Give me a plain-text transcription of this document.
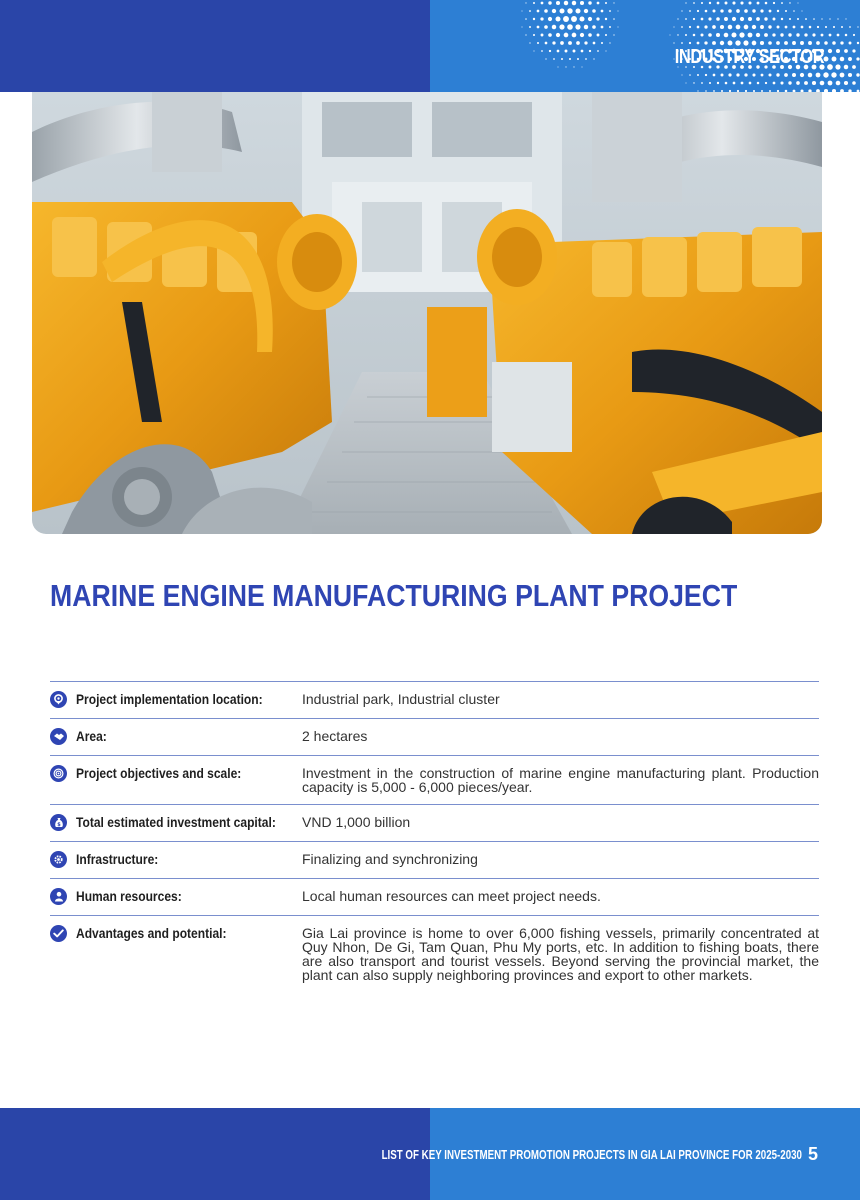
INDUSTRY SECTOR
MARINE ENGINE MANUFACTURING PLANT PROJECT
Project implementation location:	Industrial park, Industrial cluster
Area:	2 hectares
Project objectives and scale:	Investment in the construction of marine engine manufacturing plant. Production capacity is 5,000 - 6,000 pieces/year.
$ Total estimated investment capital: VND 1,000 billion
Infrastructure:	Finalizing and synchronizing
Human resources:	Local human resources can meet project needs.
Advantages and potential:	Gia Lai province is home to over 6,000 fishing vessels, primarily concentrated at Quy Nhon, De Gi, Tam Quan, Phu My ports, etc. In addition to fishing boats, there are also transport and tourist vessels. Beyond serving the provincial market, the plant can also supply neighboring provinces and export to other markets.
LIST OF KEY INVESTMENT PROMOTION PROJECTS IN GIA LAI PROVINCE FOR 2025-2030 5
